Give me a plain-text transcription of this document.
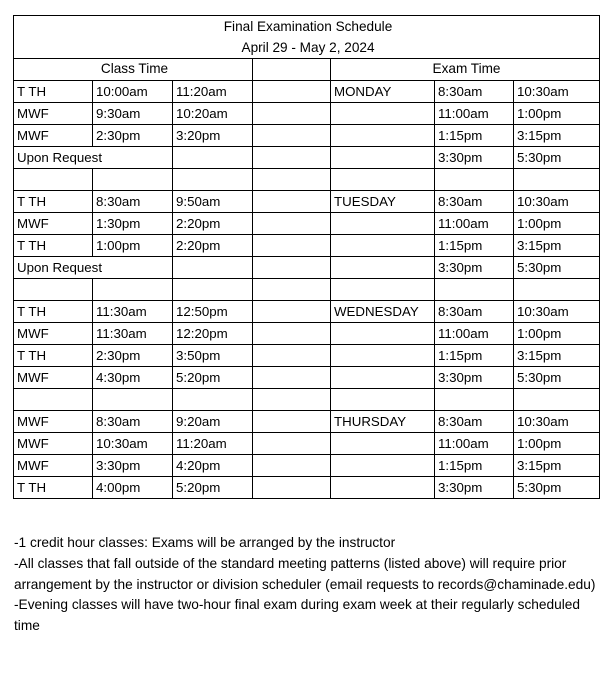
Final Examination Schedule
April 29 - May 2, 2024						

Class Time				Exam Time		
T TH	10:00am	11:20am		MONDAY	8:30am	10:30am
MWF	9:30am	10:20am			11:00am	1:00pm
MWF	2:30pm	3:20pm			1:15pm	3:15pm
Upon Request					3:30pm	5:30pm

T TH	8:30am	9:50am		TUESDAY	8:30am	10:30am
MWF	1:30pm	2:20pm			11:00am	1:00pm
T TH	1:00pm	2:20pm			1:15pm	3:15pm
Upon Request					3:30pm	5:30pm

T TH	11:30am	12:50pm		WEDNESDAY	8:30am	10:30am
MWF	11:30am	12:20pm			11:00am	1:00pm
T TH	2:30pm	3:50pm			1:15pm	3:15pm
MWF	4:30pm	5:20pm			3:30pm	5:30pm

MWF	8:30am	9:20am		THURSDAY	8:30am	10:30am
MWF	10:30am	11:20am			11:00am	1:00pm
MWF	3:30pm	4:20pm			1:15pm	3:15pm
T TH	4:00pm	5:20pm			3:30pm	5:30pm

-1 credit hour classes: Exams will be arranged by the instructor

-All classes that fall outside of the standard meeting patterns (listed above) will require prior arrangement by the instructor or division scheduler (email requests to records@chaminade.edu)

-Evening classes will have two-hour final exam during exam week at their regularly scheduled time
